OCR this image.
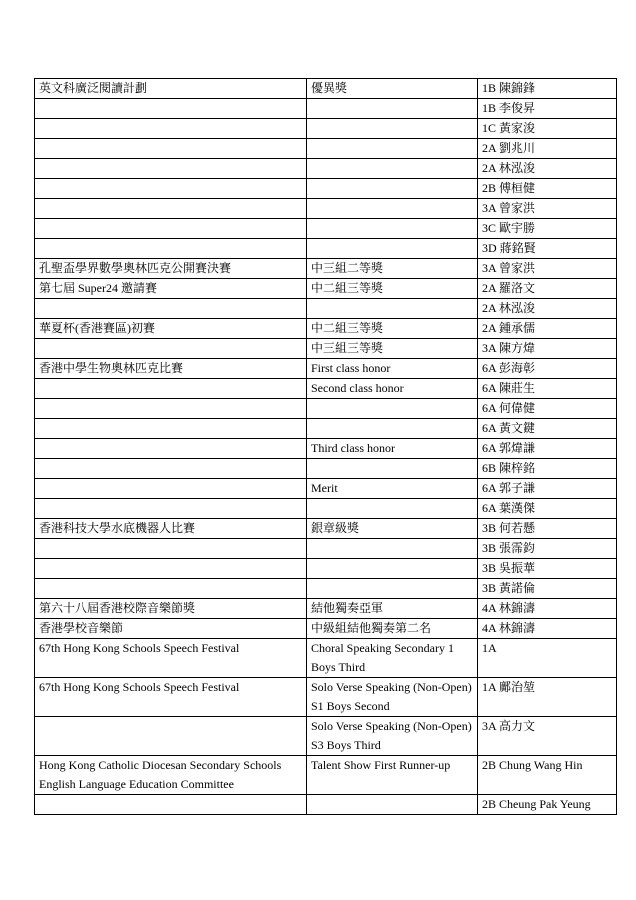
英文科廣泛閱讀計劃	優異獎	1B 陳錦鋒
		1B 李俊昇
		1C 黃家浚
		2A 劉兆川
		2A 林泓浚
		2B 傅桓健
		3A 曾家洪
		3C 歐宇勝
		3D 蔣銘賢
孔聖盃學界數學奧林匹克公開賽決賽	中三組二等獎	3A 曾家洪
第七屆 Super24 邀請賽	中二組三等獎	2A 羅洛文
		2A 林泓浚
華夏杯(香港賽區)初賽	中二組三等獎	2A 鍾承儒
	中三組三等獎	3A 陳方煒
香港中學生物奧林匹克比賽	First class honor	6A 彭海彰
	Second class honor	6A 陳莊生
		6A 何偉健
		6A 黃文鍵
	Third class honor	6A 郭煒謙
		6B 陳梓銘
	Merit	6A 郭子謙
		6A 葉漢傑
香港科技大學水底機器人比賽	銀章級獎	3B 何若懸
		3B 張霈鈞
		3B 吳振華
		3B 黃諾倫
第六十八屆香港校際音樂節獎	結他獨奏亞軍	4A 林錦濤
香港學校音樂節	中級組結他獨奏第二名	4A 林錦濤
67th Hong Kong Schools Speech Festival	Choral Speaking Secondary 1 Boys Third	1A
67th Hong Kong Schools Speech Festival	Solo Verse Speaking (Non-Open) S1 Boys Second	1A 鄺治堃
	Solo Verse Speaking (Non-Open) S3 Boys Third	3A 高力文
Hong Kong Catholic Diocesan Secondary Schools English Language Education Committee	Talent Show First Runner-up	2B Chung Wang Hin
		2B Cheung Pak Yeung
